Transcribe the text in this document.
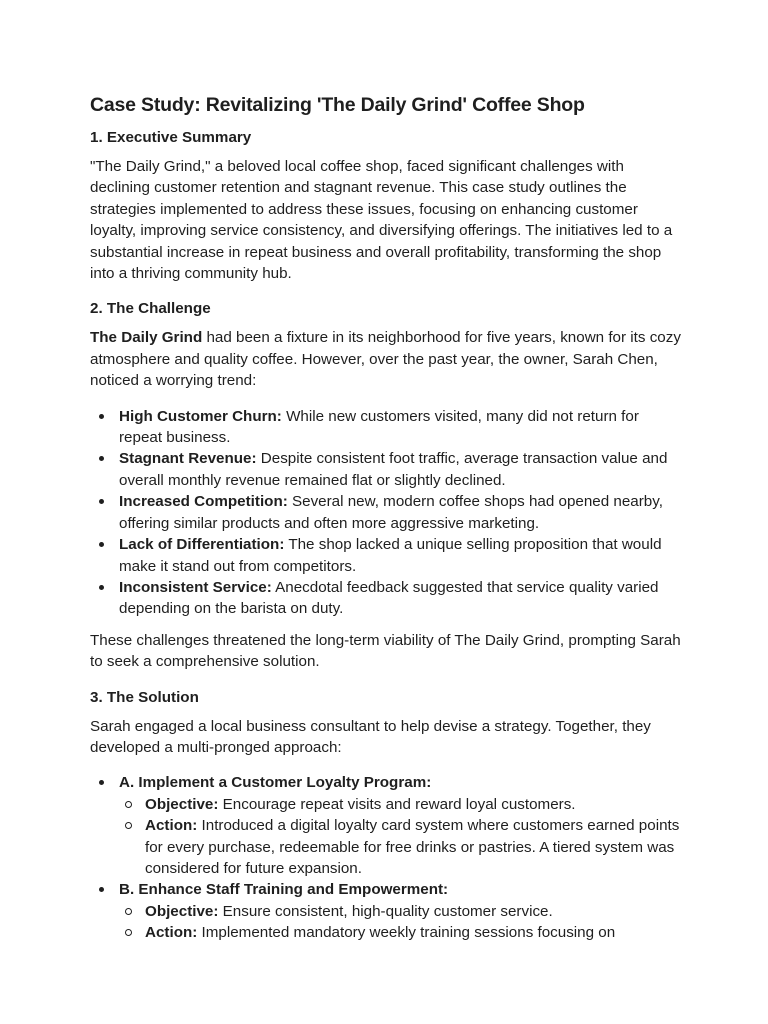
Case Study: Revitalizing 'The Daily Grind' Coffee Shop
1. Executive Summary

"The Daily Grind," a beloved local coffee shop, faced significant challenges with declining customer retention and stagnant revenue. This case study outlines the strategies implemented to address these issues, focusing on enhancing customer loyalty, improving service consistency, and diversifying offerings. The initiatives led to a substantial increase in repeat business and overall profitability, transforming the shop into a thriving community hub.

2. The Challenge

The Daily Grind had been a fixture in its neighborhood for five years, known for its cozy atmosphere and quality coffee. However, over the past year, the owner, Sarah Chen, noticed a worrying trend:

High Customer Churn: While new customers visited, many did not return for repeat business.
Stagnant Revenue: Despite consistent foot traffic, average transaction value and overall monthly revenue remained flat or slightly declined.
Increased Competition: Several new, modern coffee shops had opened nearby, offering similar products and often more aggressive marketing.
Lack of Differentiation: The shop lacked a unique selling proposition that would make it stand out from competitors.
Inconsistent Service: Anecdotal feedback suggested that service quality varied depending on the barista on duty.

These challenges threatened the long-term viability of The Daily Grind, prompting Sarah to seek a comprehensive solution.

3. The Solution

Sarah engaged a local business consultant to help devise a strategy. Together, they developed a multi-pronged approach:

A. Implement a Customer Loyalty Program:
Objective: Encourage repeat visits and reward loyal customers.
Action: Introduced a digital loyalty card system where customers earned points for every purchase, redeemable for free drinks or pastries. A tiered system was considered for future expansion.
B. Enhance Staff Training and Empowerment:
Objective: Ensure consistent, high-quality customer service.
Action: Implemented mandatory weekly training sessions focusing on
